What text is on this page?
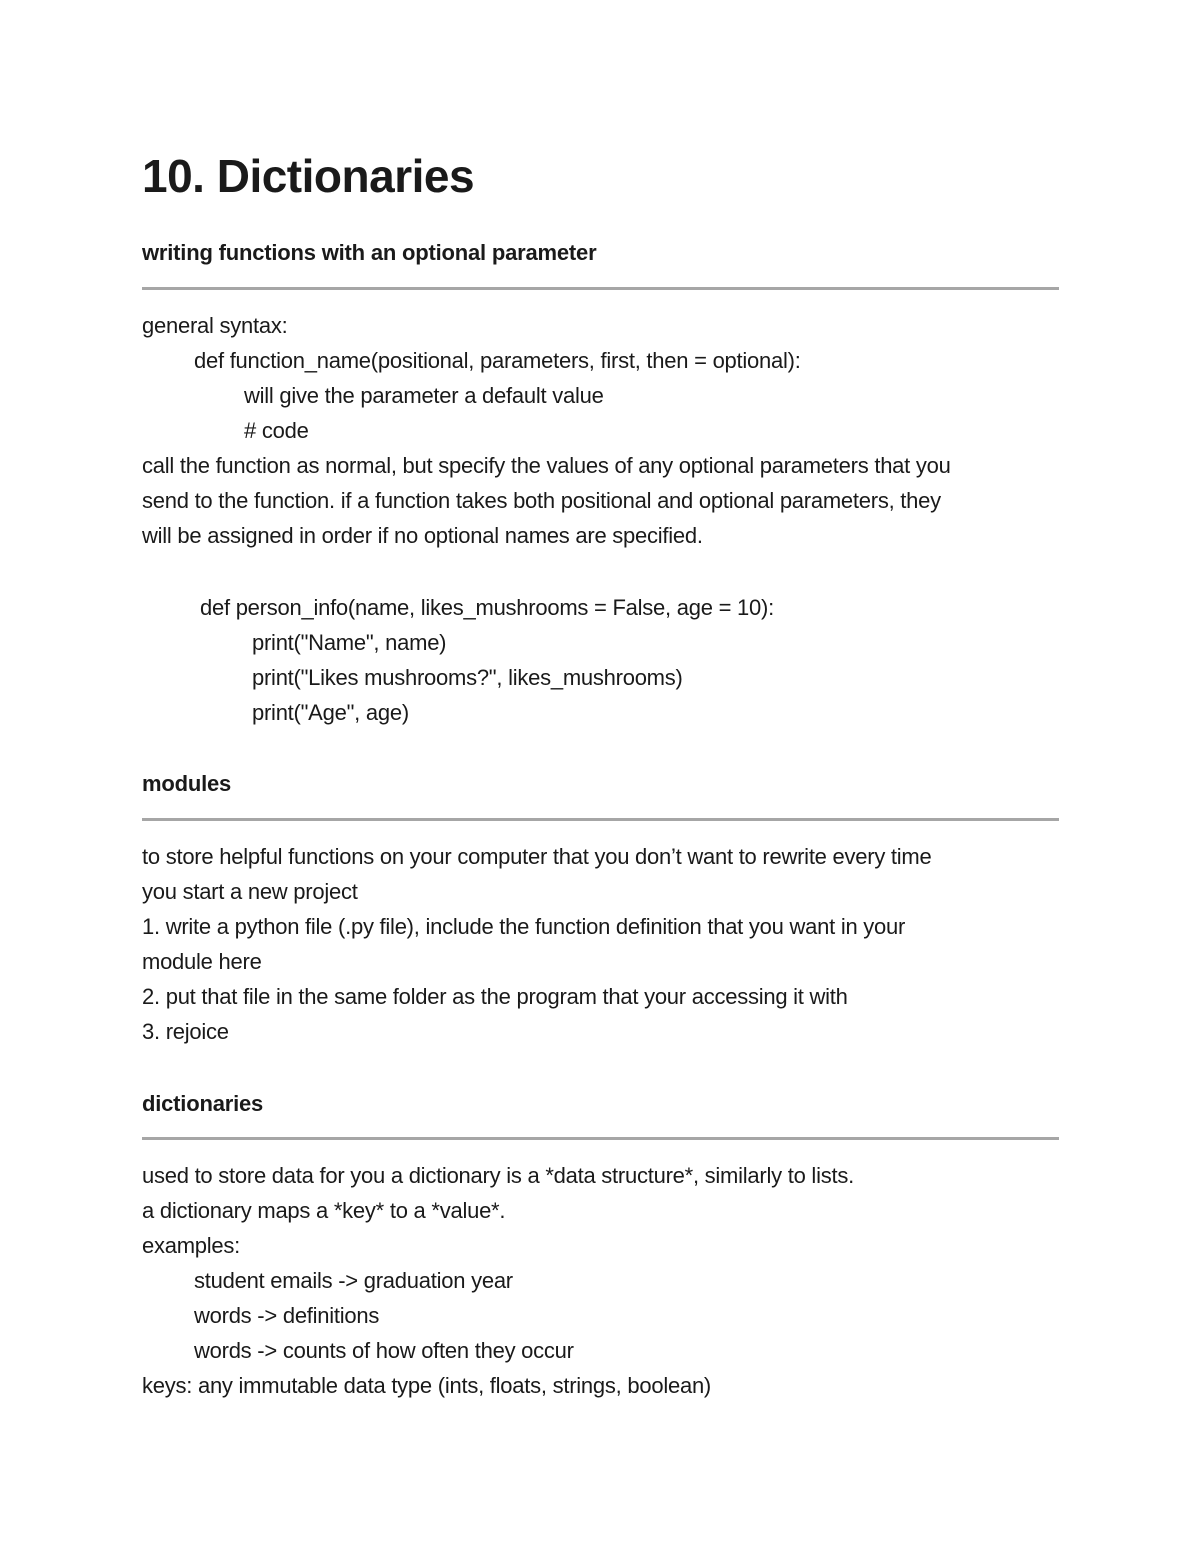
10. Dictionaries
writing functions with an optional parameter

general syntax:

def function_name(positional, parameters, first, then = optional):

will give the parameter a default value

# code

call the function as normal, but specify the values of any optional parameters that you

send to the function. if a function takes both positional and optional parameters, they

will be assigned in order if no optional names are specified.

def person_info(name, likes_mushrooms = False, age = 10):

print("Name", name)

print("Likes mushrooms?", likes_mushrooms)

print("Age", age)

modules

to store helpful functions on your computer that you don’t want to rewrite every time

you start a new project

1. write a python file (.py file), include the function definition that you want in your

module here

2. put that file in the same folder as the program that your accessing it with

3. rejoice

dictionaries

used to store data for you a dictionary is a *data structure*, similarly to lists.

a dictionary maps a *key* to a *value*.

examples:

student emails -> graduation year

words -> definitions

words -> counts of how often they occur

keys: any immutable data type (ints, floats, strings, boolean)
